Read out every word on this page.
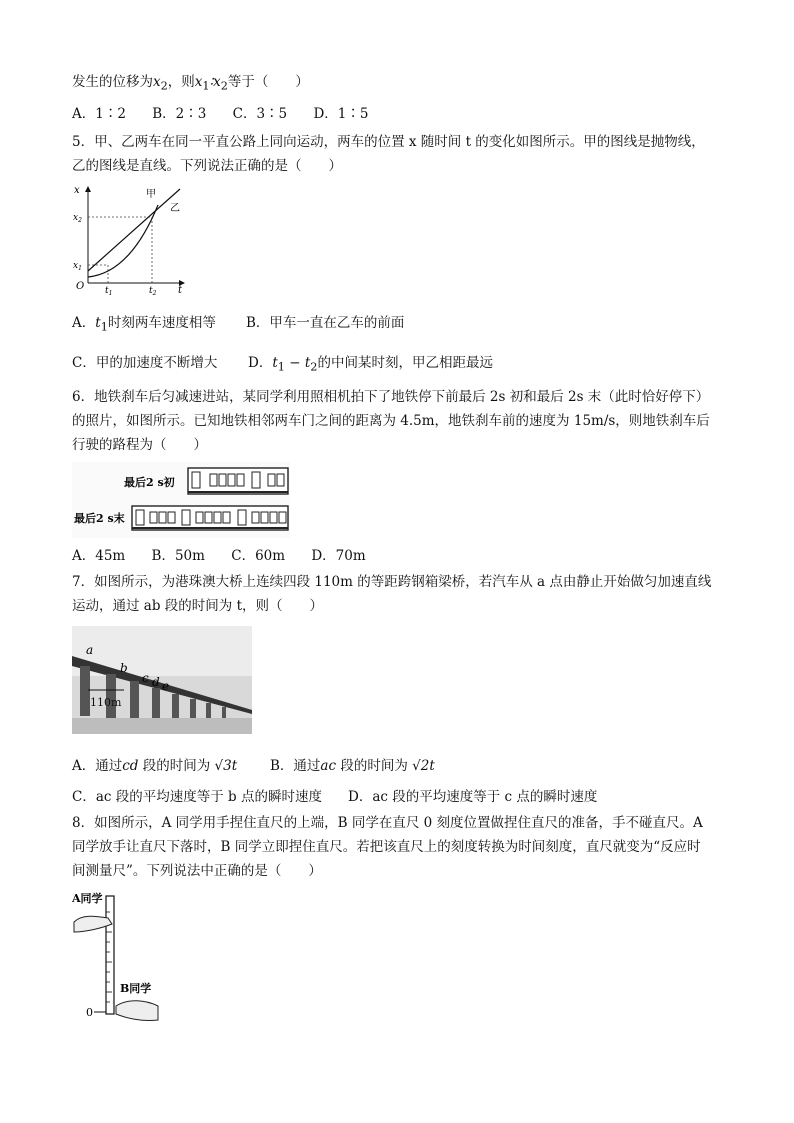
发生的位移为$x_2$，则$x_1∶x_2$等于（　　）
A．1∶2 B．2∶3 C．3∶5 D．1∶5
5．甲、乙两车在同一平直公路上同向运动，两车的位置 x 随时间 t 的变化如图所示。甲的图线是抛物线，
乙的图线是直线。下列说法正确的是（　　）
x
t
O
$x_1$
$x_2$
$t_1$	$t_2$
甲
乙
A．$t_1$时刻两车速度相等 B．甲车一直在乙车的前面
C．甲的加速度不断增大 D．$t_1 - t_2$的中间某时刻，甲乙相距最远
6．地铁刹车后匀减速进站，某同学利用照相机拍下了地铁停下前最后 2s 初和最后 2s 末（此时恰好停下）
的照片，如图所示。已知地铁相邻两车门之间的距离为 4.5m，地铁刹车前的速度为 15m/s，则地铁刹车后
行驶的路程为（　　）
最后2 s初
最后2 s末
A．45m B．50m C．60m D．70m
7．如图所示，为港珠澳大桥上连续四段 110m 的等距跨钢箱梁桥，若汽车从 a 点由静止开始做匀加速直线
运动，通过 ab 段的时间为 t，则（　　）
a
b
c d e
110m
A．通过cd 段的时间为 √3t B．通过ac 段的时间为 √2t
C．ac 段的平均速度等于 b 点的瞬时速度 D．ac 段的平均速度等于 c 点的瞬时速度
8．如图所示，A 同学用手捏住直尺的上端，B 同学在直尺 0 刻度位置做捏住直尺的准备，手不碰直尺。A
同学放手让直尺下落时，B 同学立即捏住直尺。若把该直尺上的刻度转换为时间刻度，直尺就变为“反应时
间测量尺”。下列说法中正确的是（　　）
A同学
B同学
0
